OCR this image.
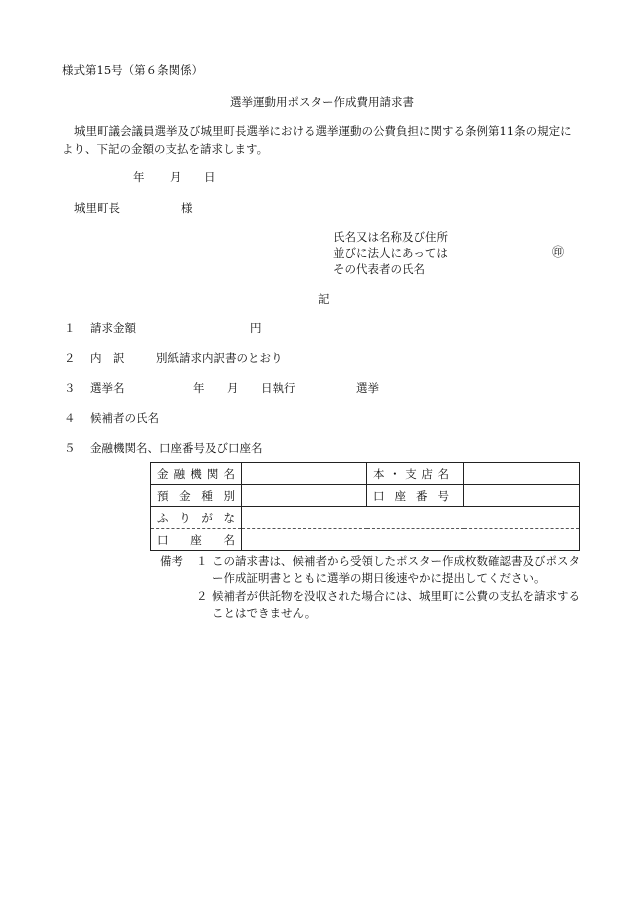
様式第15号（第６条関係）
選挙運動用ポスター作成費用請求書
城里町議会議員選挙及び城里町長選挙における選挙運動の公費負担に関する条例第11条の規定により、下記の金額の支払を請求します。
年 月 日
城里町長	様
氏名又は名称及び住所
並びに法人にあっては
その代表者の氏名
㊞
記
１ 請求金額	円
２ 内　訳	別紙請求内訳書のとおり
３ 選挙名	年 月 日執行	選挙
４ 候補者の氏名
５ 金融機関名、口座番号及び口座名
金融機関名		本・支店名	
預金種別		口座番号	
ふりがな			
口座名			
備考 １ この請求書は、候補者から受領したポスター作成枚数確認書及びポスター作成証明書とともに選挙の期日後速やかに提出してください。
２ 候補者が供託物を没収された場合には、城里町に公費の支払を請求することはできません。
